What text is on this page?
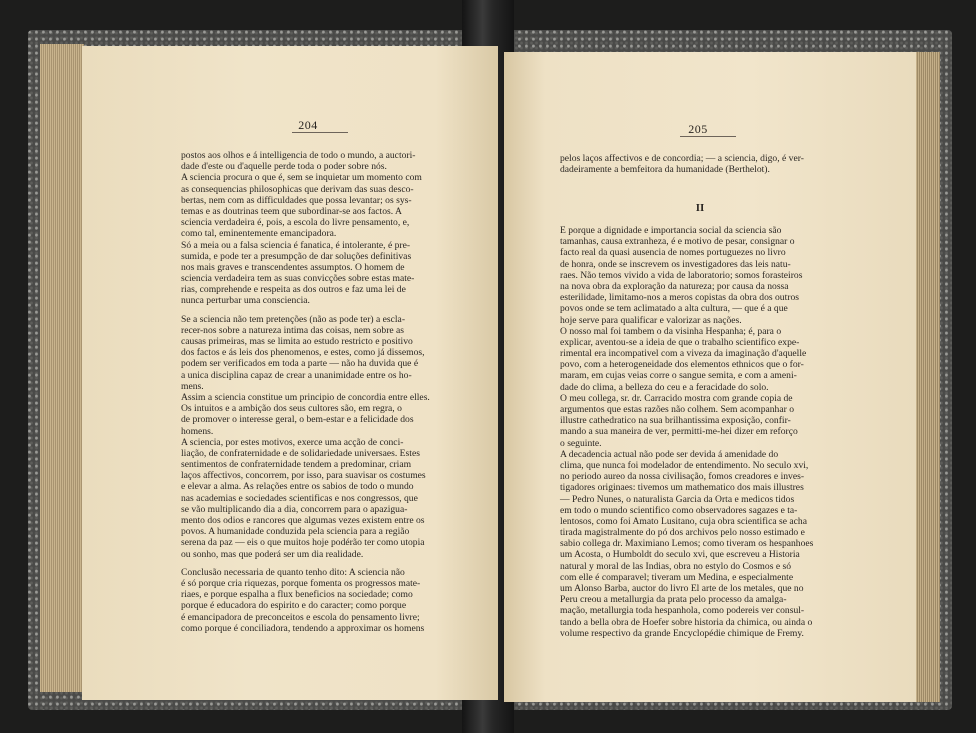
204
postos aos olhos e á intelligencia de todo o mundo, a auctori-
dade d'este ou d'aquelle perde toda o poder sobre nós.
A sciencia procura o que é, sem se inquietar um momento com
as consequencias philosophicas que derivam das suas desco-
bertas, nem com as difficuldades que possa levantar; os sys-
temas e as doutrinas teem que subordinar-se aos factos. A
sciencia verdadeira é, pois, a escola do livre pensamento, e,
como tal, eminentemente emancipadora.
Só a meia ou a falsa sciencia é fanatica, é intolerante, é pre-
sumida, e pode ter a presumpção de dar soluções definitivas
nos mais graves e transcendentes assumptos. O homem de
sciencia verdadeira tem as suas convicções sobre estas mate-
rias, comprehende e respeita as dos outros e faz uma lei de
nunca perturbar uma consciencia.
Se a sciencia não tem pretenções (não as pode ter) a escla-
recer-nos sobre a natureza intima das coisas, nem sobre as
causas primeiras, mas se limita ao estudo restricto e positivo
dos factos e ás leis dos phenomenos, e estes, como já dissemos,
podem ser verificados em toda a parte — não ha duvida que é
a unica disciplina capaz de crear a unanimidade entre os ho-
mens.
Assim a sciencia constitue um principio de concordia entre elles.
Os intuitos e a ambição dos seus cultores são, em regra, o
de promover o interesse geral, o bem-estar e a felicidade dos
homens.
A sciencia, por estes motivos, exerce uma acção de conci-
liação, de confraternidade e de solidariedade universaes. Estes
sentimentos de confraternidade tendem a predominar, criam
laços affectivos, concorrem, por isso, para suavisar os costumes
e elevar a alma. As relações entre os sabios de todo o mundo
nas academias e sociedades scientificas e nos congressos, que
se vão multiplicando dia a dia, concorrem para o apaziguа-
mento dos odios e rancores que algumas vezes existem entre os
povos. A humanidade conduzida pela sciencia para a região
serena da paz — eis o que muitos hoje podérão ter como utopia
ou sonho, mas que poderá ser um dia realidade.
Conclusão necessaria de quanto tenho dito: A sciencia não
é só porque cria riquezas, porque fomenta os progressos mate-
riaes, e porque espalha a flux beneficios na sociedade; como
porque é educadora do espirito e do caracter; como porque
é emancipadora de preconceitos e escola do pensamento livre;
como porque é conciliadora, tendendo a approximar os homens
205
pelos laços affectivos e de concordia; — a sciencia, digo, é ver-
dadeiramente a bemfeitora da humanidade (Berthelot).
II
E porque a dignidade e importancia social da sciencia são
tamanhas, causa extranheza, é e motivo de pesar, consignar o
facto real da quasi ausencia de nomes portuguezes no livro
de honra, onde se inscrevem os investigadores das leis natu-
raes. Não temos vivido a vida de laboratorio; somos forasteiros
na nova obra da exploração da natureza; por causa da nossa
esterilidade, limitamo-nos a meros copistas da obra dos outros
povos onde se tem aclimatado a alta cultura, — que é a que
hoje serve para qualificar e valorizar as nações.
O nosso mal foi tambem o da visinha Hespanha; é, para o
explicar, aventou-se a ideia de que o trabalho scientifico expe-
rimental era incompativel com a viveza da imaginação d'aquelle
povo, com a heterogeneidade dos elementos ethnicos que o for-
maram, em cujas veias corre o sangue semita, e com a ameni-
dade do clima, a belleza do ceu e a feracidade do solo.
O meu collega, sr. dr. Carracido mostra com grande copia de
argumentos que estas razões não colhem. Sem acompanhar o
illustre cathedratico na sua brilhantissima exposição, confir-
mando a sua maneira de ver, permitti-me-hei dizer em reforço
o seguinte.
A decadencia actual não pode ser devida á amenidade do
clima, que nunca foi modelador de entendimento. No seculo xvi,
no periodo aureo da nossa civilisação, fomos creadores e inves-
tigadores originaes: tivemos um mathematico dos mais illustres
— Pedro Nunes, o naturalista Garcia da Orta e medicos tidos
em todo o mundo scientifico como observadores sagazes e ta-
lentosos, como foi Amato Lusitano, cuja obra scientifica se acha
tirada magistralmente do pó dos archivos pelo nosso estimado e
sabio collega dr. Maximiano Lemos; como tiveram os hespanhoes
um Acosta, o Humboldt do seculo xvi, que escreveu a Historia
natural y moral de las Indias, obra no estylo do Cosmos e só
com elle é comparavel; tiveram um Medina, e especialmente
um Alonso Barba, auctor do livro El arte de los metales, que no
Peru creou a metallurgia da prata pelo processo da amalga-
mação, metallurgia toda hespanhola, como podereis ver consul-
tando a bella obra de Hoefer sobre historia da chimica, ou ainda o
volume respectivo da grande Encyclopédie chimique de Fremy.
